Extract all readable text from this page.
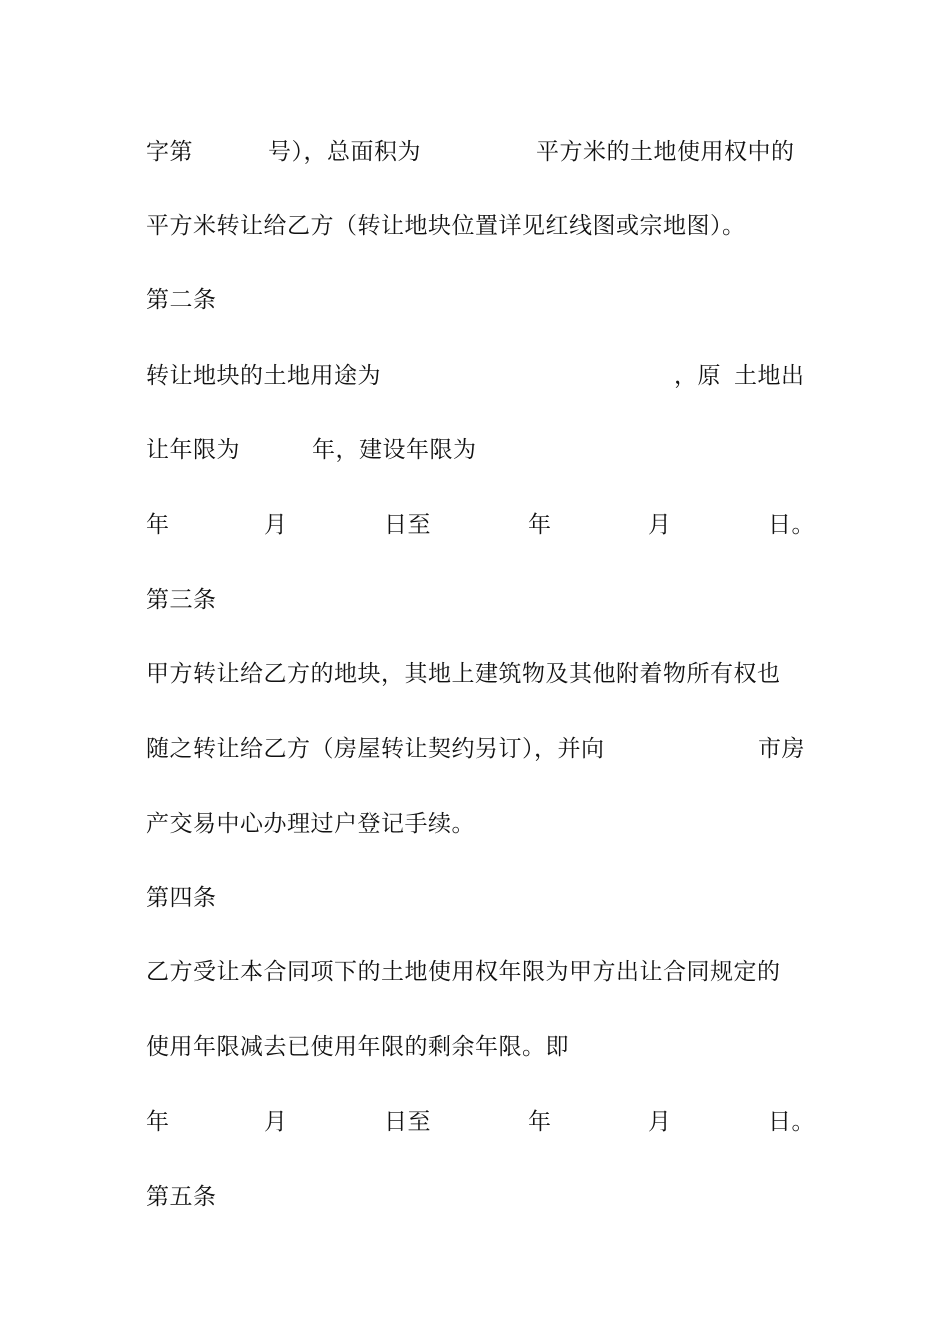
字第	号），总面积为	平方米的土地使用权中的
平方米转让给乙方（转让地块位置详见红线图或宗地图）。
第二条
转让地块的土地用途为	，原 土地出
让年限为	年，建设年限为
年	月	日至	年	月	日。
第三条
甲方转让给乙方的地块，其地上建筑物及其他附着物所有权也
随之转让给乙方（房屋转让契约另订），并向	市房
产交易中心办理过户登记手续。
第四条
乙方受让本合同项下的土地使用权年限为甲方出让合同规定的
使用年限减去已使用年限的剩余年限。即
年	月	日至	年	月	日。
第五条
